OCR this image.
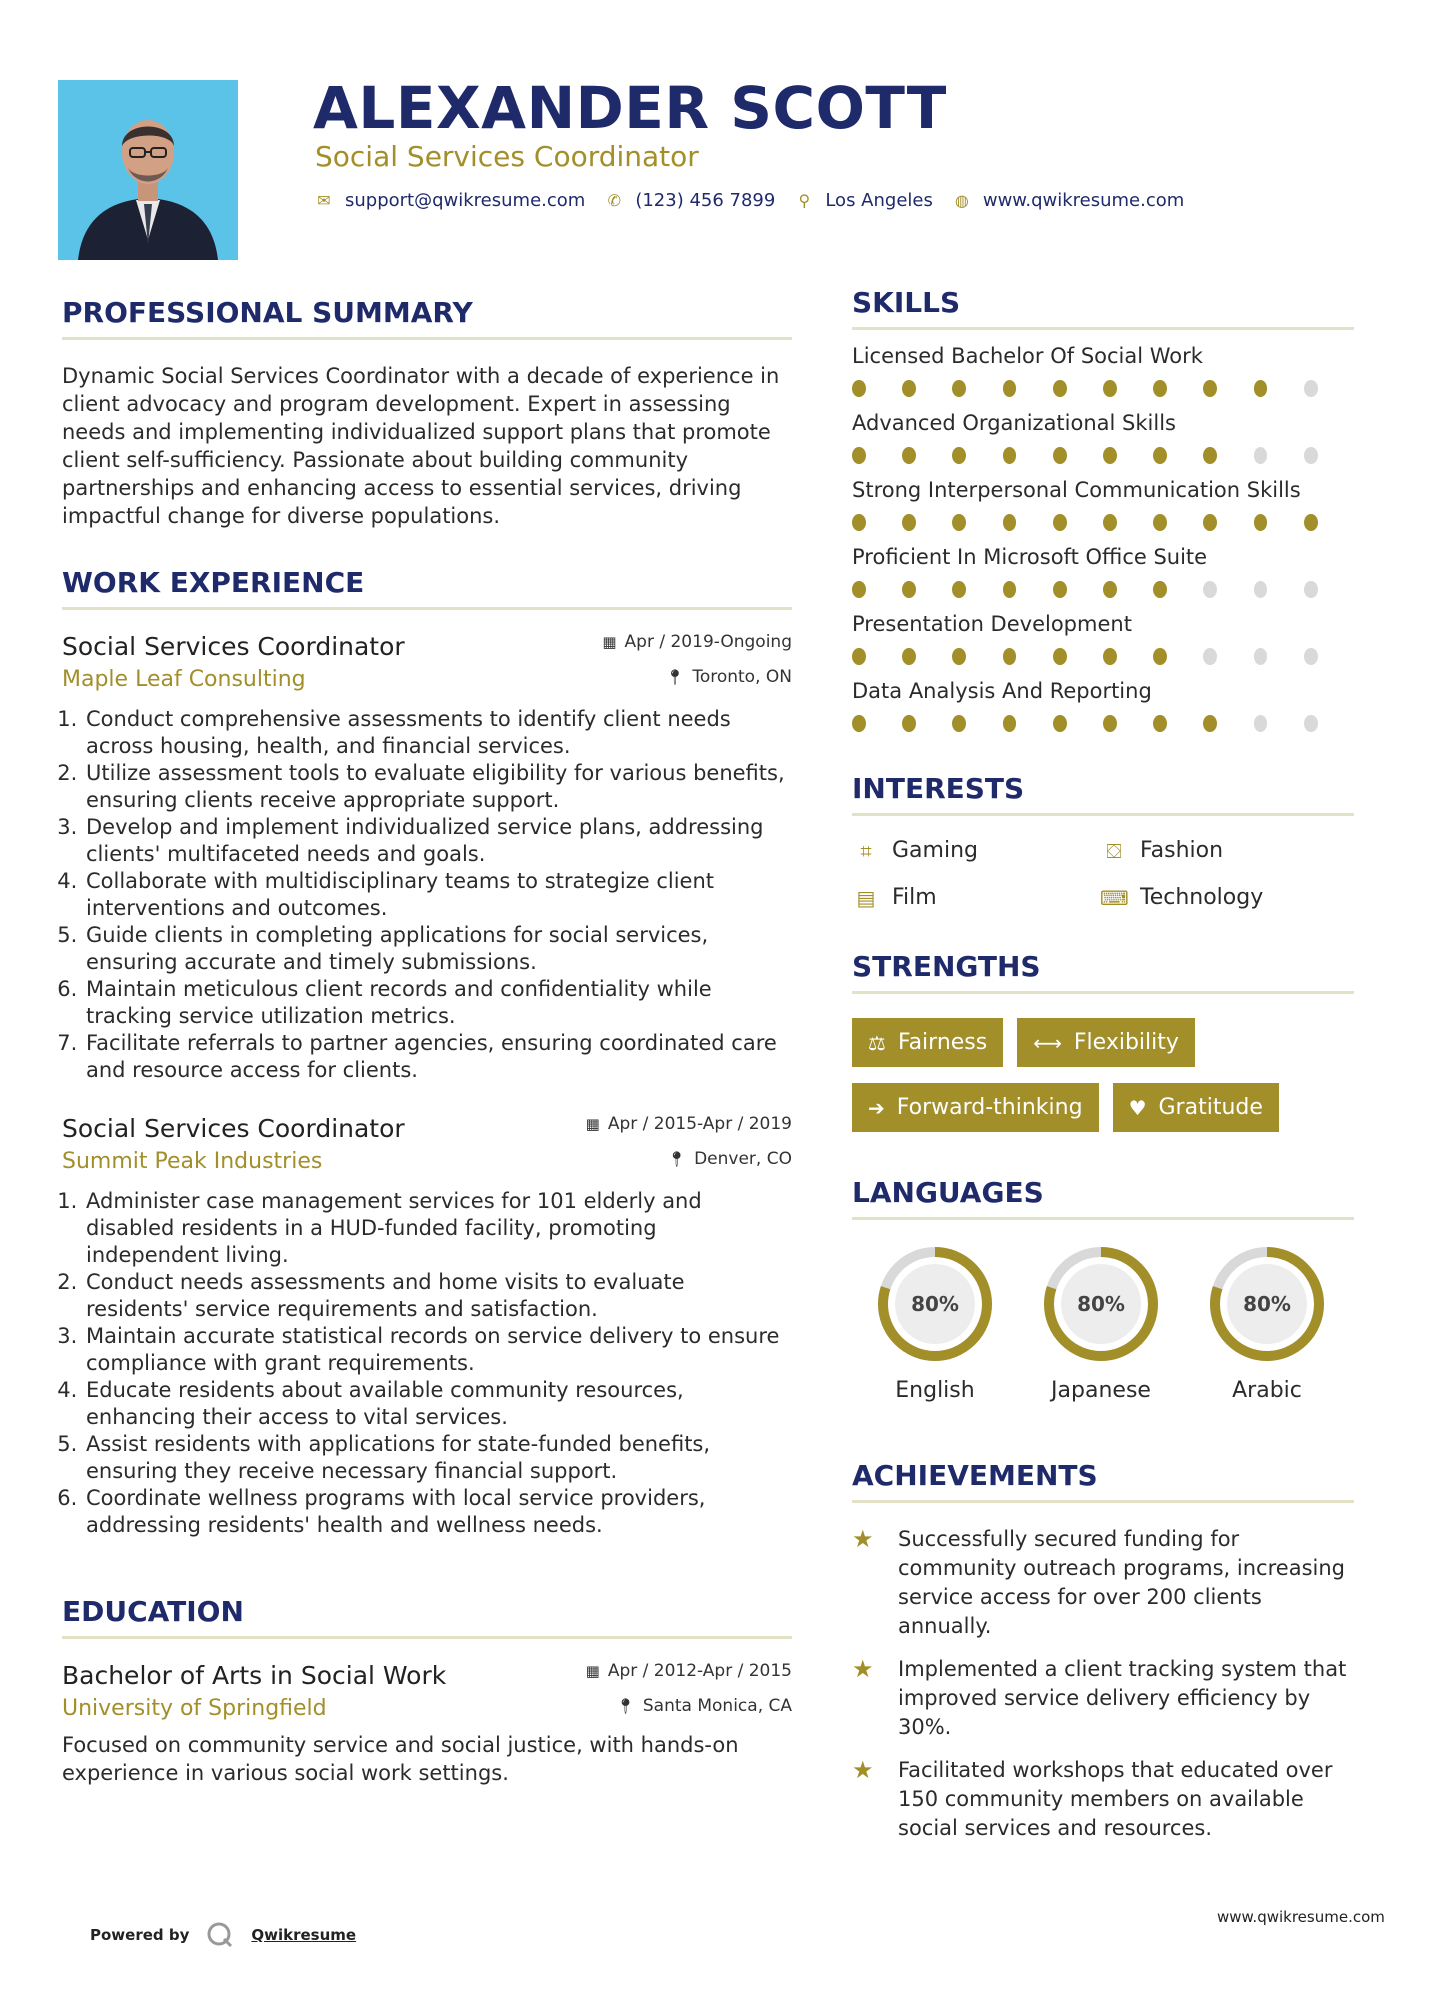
ALEXANDER SCOTT
Social Services Coordinator
✉ support@qwikresume.com ✆ (123) 456 7899 ⚲ Los Angeles ◍ www.qwikresume.com
PROFESSIONAL SUMMARY

Dynamic Social Services Coordinator with a decade of experience in client advocacy and program development. Expert in assessing needs and implementing individualized support plans that promote client self-sufficiency. Passionate about building community partnerships and enhancing access to essential services, driving impactful change for diverse populations.

WORK EXPERIENCE
Social Services Coordinator	▦ Apr / 2019-Ongoing
Maple Leaf Consulting	📍︎ Toronto, ON
1. Conduct comprehensive assessments to identify client needs across housing, health, and financial services.
2. Utilize assessment tools to evaluate eligibility for various benefits, ensuring clients receive appropriate support.
3. Develop and implement individualized service plans, addressing clients' multifaceted needs and goals.
4. Collaborate with multidisciplinary teams to strategize client interventions and outcomes.
5. Guide clients in completing applications for social services, ensuring accurate and timely submissions.
6. Maintain meticulous client records and confidentiality while tracking service utilization metrics.
7. Facilitate referrals to partner agencies, ensuring coordinated care and resource access for clients.
Social Services Coordinator	▦ Apr / 2015-Apr / 2019
Summit Peak Industries	📍︎ Denver, CO
1. Administer case management services for 101 elderly and disabled residents in a HUD-funded facility, promoting independent living.
2. Conduct needs assessments and home visits to evaluate residents' service requirements and satisfaction.
3. Maintain accurate statistical records on service delivery to ensure compliance with grant requirements.
4. Educate residents about available community resources, enhancing their access to vital services.
5. Assist residents with applications for state-funded benefits, ensuring they receive necessary financial support.
6. Coordinate wellness programs with local service providers, addressing residents' health and wellness needs.
EDUCATION
Bachelor of Arts in Social Work	▦ Apr / 2012-Apr / 2015
University of Springfield	📍︎ Santa Monica, CA

Focused on community service and social justice, with hands-on experience in various social work settings.

SKILLS
Licensed Bachelor Of Social Work
Advanced Organizational Skills
Strong Interpersonal Communication Skills
Proficient In Microsoft Office Suite
Presentation Development
Data Analysis And Reporting
INTERESTS
⌗ Gaming	⛋ Fashion
▤ Film	⌨ Technology
STRENGTHS
⚖ Fairness ⟷ Flexibility
➔ Forward-thinking ♥ Gratitude
LANGUAGES
80%
English
80%
Japanese
80%
Arabic
ACHIEVEMENTS
★	Successfully secured funding for community outreach programs, increasing service access for over 200 clients annually.
★	Implemented a client tracking system that improved service delivery efficiency by 30%.
★	Facilitated workshops that educated over 150 community members on available social services and resources.
Powered by	Qwikresume
www.qwikresume.com
